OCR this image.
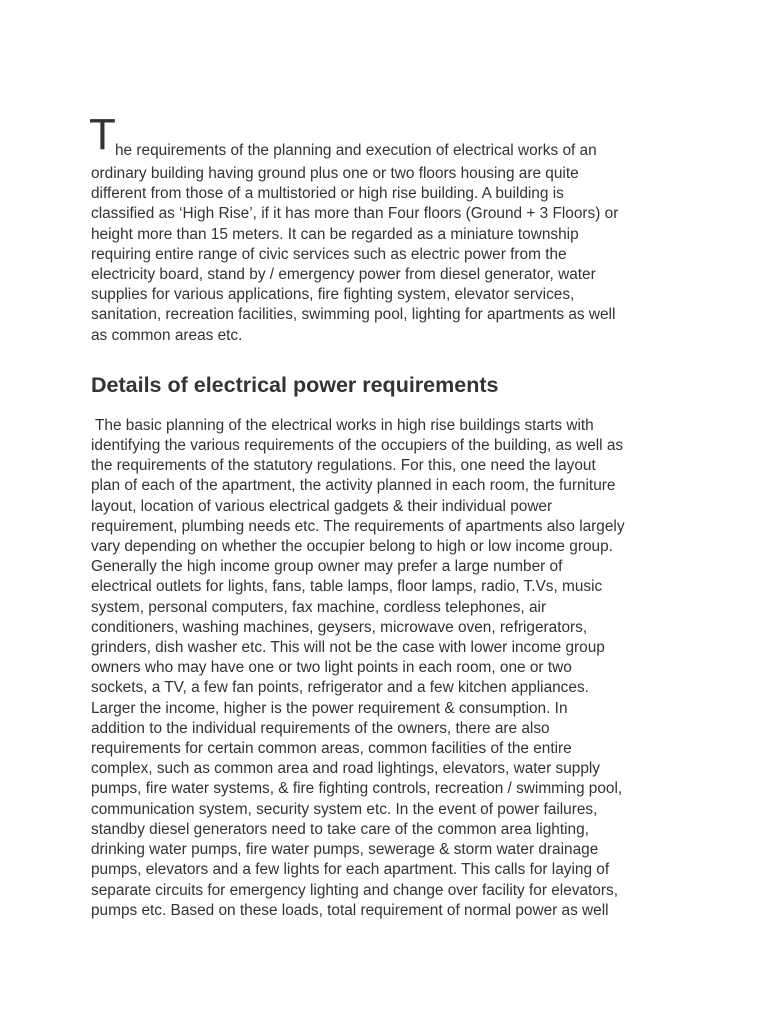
T he requirements of the planning and execution of electrical works of an

ordinary building having ground plus one or two floors housing are quite
different from those of a multistoried or high rise building. A building is
classified as ‘High Rise’, if it has more than Four floors (Ground + 3 Floors) or
height more than 15 meters. It can be regarded as a miniature township
requiring entire range of civic services such as electric power from the
electricity board, stand by / emergency power from diesel generator, water
supplies for various applications, fire fighting system, elevator services,
sanitation, recreation facilities, swimming pool, lighting for apartments as well
as common areas etc.

Details of electrical power requirements

The basic planning of the electrical works in high rise buildings starts with
identifying the various requirements of the occupiers of the building, as well as
the requirements of the statutory regulations. For this, one need the layout
plan of each of the apartment, the activity planned in each room, the furniture
layout, location of various electrical gadgets & their individual power
requirement, plumbing needs etc. The requirements of apartments also largely
vary depending on whether the occupier belong to high or low income group.
Generally the high income group owner may prefer a large number of
electrical outlets for lights, fans, table lamps, floor lamps, radio, T.Vs, music
system, personal computers, fax machine, cordless telephones, air
conditioners, washing machines, geysers, microwave oven, refrigerators,
grinders, dish washer etc. This will not be the case with lower income group
owners who may have one or two light points in each room, one or two
sockets, a TV, a few fan points, refrigerator and a few kitchen appliances.
Larger the income, higher is the power requirement & consumption. In
addition to the individual requirements of the owners, there are also
requirements for certain common areas, common facilities of the entire
complex, such as common area and road lightings, elevators, water supply
pumps, fire water systems, & fire fighting controls, recreation / swimming pool,
communication system, security system etc. In the event of power failures,
standby diesel generators need to take care of the common area lighting,
drinking water pumps, fire water pumps, sewerage & storm water drainage
pumps, elevators and a few lights for each apartment. This calls for laying of
separate circuits for emergency lighting and change over facility for elevators,
pumps etc. Based on these loads, total requirement of normal power as well
